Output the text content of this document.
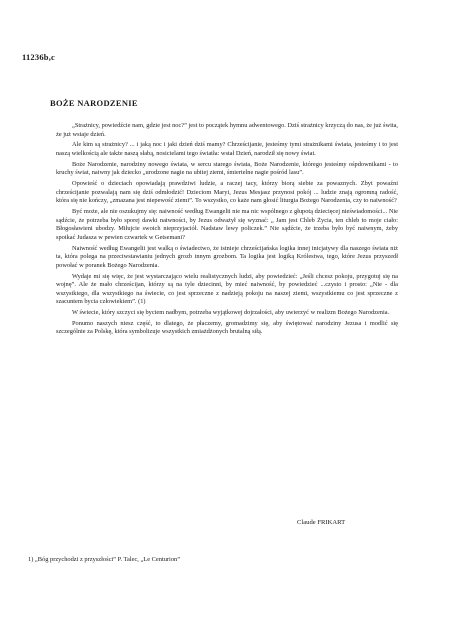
11236b,c
BOŻE NARODZENIE

„Strażnicy, powiedźcie nam, gdzie jest noc?” jest to początek hymnu adwentowego. Dziś strażnicy krzyczą do nas, że już świta, że już wstaje dzień.

Ale kim są strażnicy? ... i jaką noc i jaki dzień dziś mamy? Chrześcijanie, jesteśmy tymi strażnikami świata, jesteśmy i to jest naszą wielkością ale także naszą słabą, nosicielami tego światła: wstał Dzień, narodził się nowy świat.

Boże Narodzenie, narodziny nowego świata, w sercu starego świata, Boże Narodzenie, którego jesteśmy ośpdownikami - to kruchy świat, naiwny jak dziecko „urodzone nagie na ubitej ziemi, śmiertelne nagie pośród lasu”.

Opowieść o dzieciach opowiadają prawdziwi ludzie, a raczej tacy, którzy biorą siebie za powaznych. Zbyt powaźni chrześcijanie pozwalają nam się dziś odmłodzić! Dzieciom Maryi, Jezus Mesjasz przynosi pokój ... ludzie znają ogromną radość, która się nie kończy, „zmazana jest niepewość ziemi”. To wszystko, co każe nam głosić liturgia Bożego Narodzenia, czy to naiwność?

Być może, ale nie oszukujmy się: naiwność według Ewangelii nie ma nic wspólnego z głupotą dziecięcej nieświadomości... Nie sądźcie, że potrzeba było sporej dawki naiwności, by Jezus odważył się wyznać: „ Jam jest Chleb Życia, ten chleb to moje ciało: Błogosławieni ubodzy. Miłujcie swoich nieprzyjaciół. Nadstaw lewy policzek.” Nie sądźcie, że trzeba było być naiwnym, żeby spotkać Judasza w pewien czwartek w Getsemani?

Naiwność według Ewangelii jest walką o świadectwo, że istnieje chrześcijańska logika innej inicjatywy dla naszego świata niż ta, która polega na przeciwstawianiu jednych grozb innym grozbom. Ta logika jest logiką Królestwa, tego, które Jezus przyszedł powołać w poranek Bożego Narodzenia.

Wydaje mi się więc, że jest wystarczająco wielu realistycznych ludzi, aby powiedzieć: „Jeśli chcesz pokoju, przygotuj się na wojnę”. Ale że mało chrześcijan, którzy są na tyle dziecinni, by mieć naiwność, by powiedzieć ...czysto i prosto: „Nie - dla wszystkiego, dla wszystkiego na świecie, co jest sprzeczne z nadzieją pokoju na naszej ziemi, wszystkiemu co jest sprzeczne z szacuntem bycia człowiekiem”. (1)

W świecie, który szczyci się byciem nadbym, potrzeba wyjątkowej dojrzałości, aby uwierzyć w realizm Bożego Narodzenia.

Ponumo naszych niesz część, to dlatego, że płaczemy, gromadzimy się, aby świętować narodziny Jezusa i modlić się szczególnie za Polskę, która symbolizuje wszystkich zmiażdżonych brutalną siłą.

Claude FRIKART
1) „Bóg przychodzi z przyszłości” P. Talec, „Le Centurion”
